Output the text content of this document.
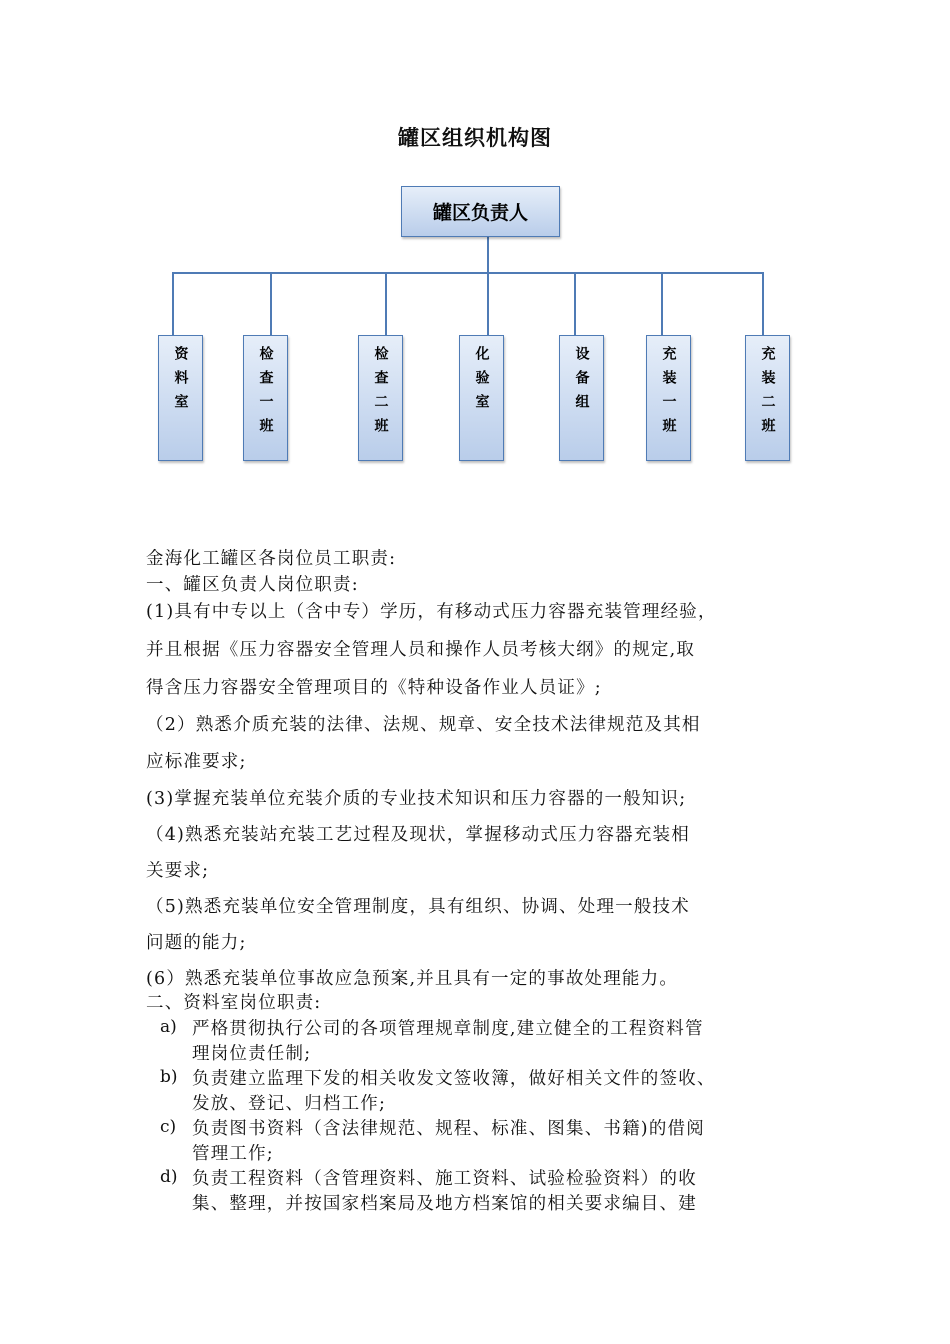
罐区组织机构图
罐区负责人
资料室	检查一班	检查二班	化验室	设备组	充装一班	充装二班
金海化工罐区各岗位员工职责:
一、罐区负责人岗位职责:
(1)具有中专以上（含中专）学历，有移动式压力容器充装管理经验，
并且根据《压力容器安全管理人员和操作人员考核大纲》的规定,取
得含压力容器安全管理项目的《特种设备作业人员证》;
（2）熟悉介质充装的法律、法规、规章、安全技术法律规范及其相
应标准要求;
(3)掌握充装单位充装介质的专业技术知识和压力容器的一般知识;
（4)熟悉充装站充装工艺过程及现状，掌握移动式压力容器充装相
关要求;
（5)熟悉充装单位安全管理制度，具有组织、协调、处理一般技术
问题的能力;
(6）熟悉充装单位事故应急预案,并且具有一定的事故处理能力。
二、资料室岗位职责:
a) 严格贯彻执行公司的各项管理规章制度,建立健全的工程资料管
理岗位责任制;
b) 负责建立监理下发的相关收发文签收簿，做好相关文件的签收、
发放、登记、归档工作;
c) 负责图书资料（含法律规范、规程、标准、图集、书籍)的借阅
管理工作;
d) 负责工程资料（含管理资料、施工资料、试验检验资料）的收
集、整理，并按国家档案局及地方档案馆的相关要求编目、建
